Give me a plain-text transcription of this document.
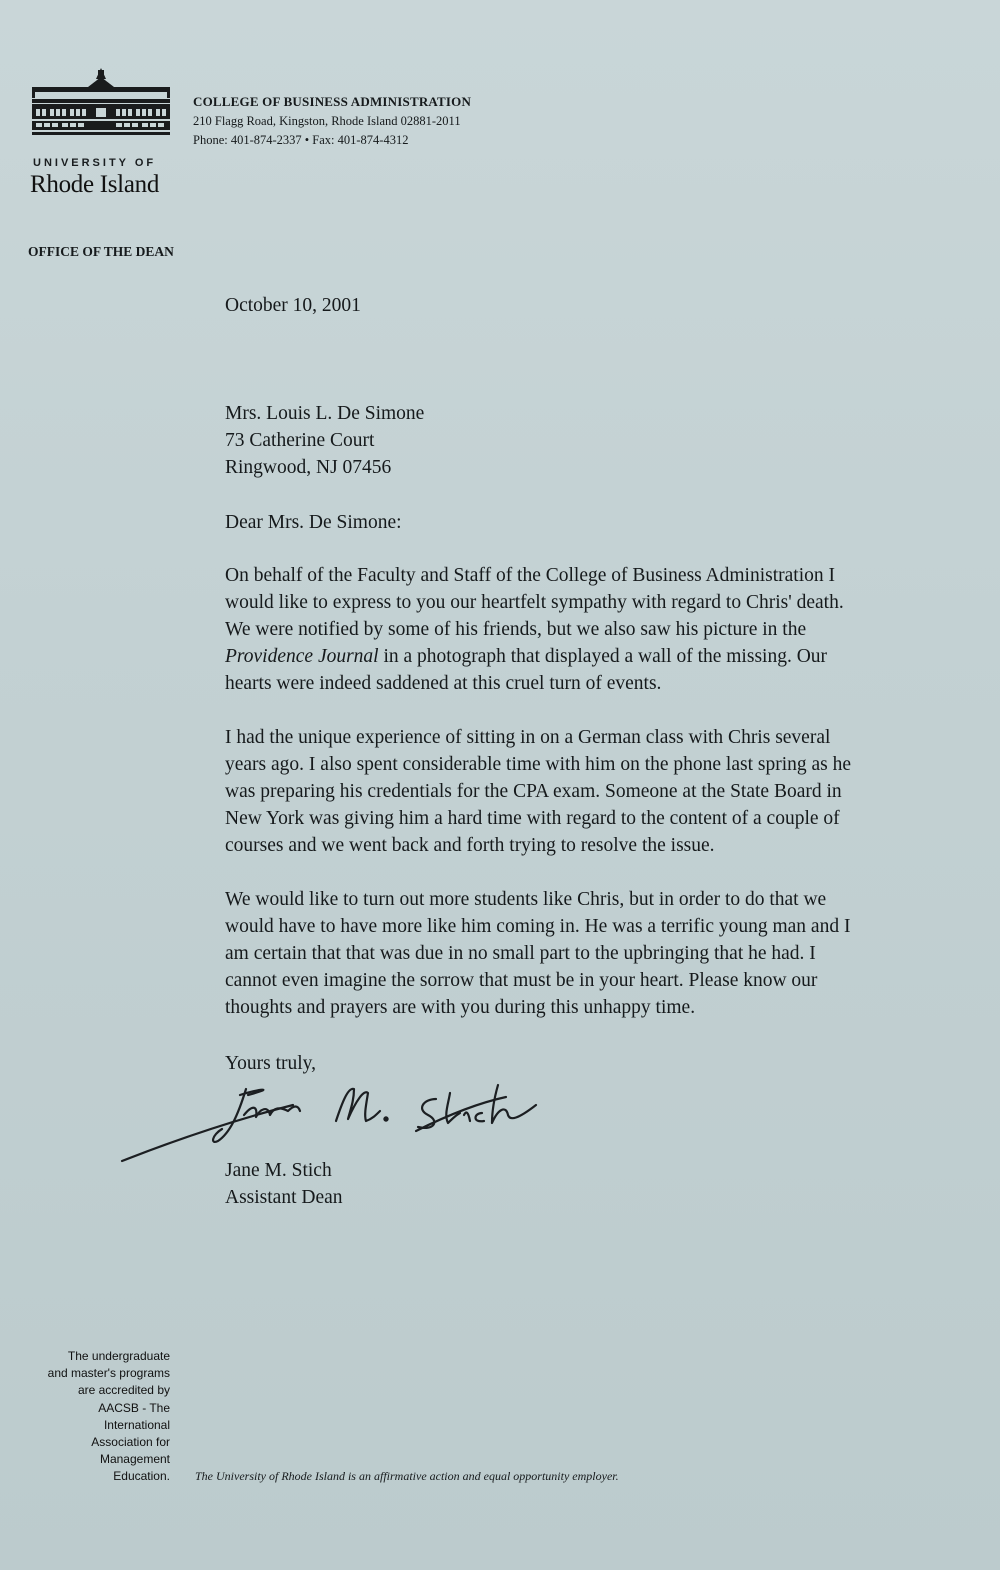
UNIVERSITY OF
Rhode Island
COLLEGE OF BUSINESS ADMINISTRATION
210 Flagg Road, Kingston, Rhode Island 02881-2011
Phone: 401-874-2337 • Fax: 401-874-4312
OFFICE OF THE DEAN
October 10, 2001
Mrs. Louis L. De Simone
73 Catherine Court
Ringwood, NJ 07456
Dear Mrs. De Simone:
On behalf of the Faculty and Staff of the College of Business Administration I
would like to express to you our heartfelt sympathy with regard to Chris' death.
We were notified by some of his friends, but we also saw his picture in the
Providence Journal in a photograph that displayed a wall of the missing. Our
hearts were indeed saddened at this cruel turn of events.
I had the unique experience of sitting in on a German class with Chris several
years ago. I also spent considerable time with him on the phone last spring as he
was preparing his credentials for the CPA exam. Someone at the State Board in
New York was giving him a hard time with regard to the content of a couple of
courses and we went back and forth trying to resolve the issue.
We would like to turn out more students like Chris, but in order to do that we
would have to have more like him coming in. He was a terrific young man and I
am certain that that was due in no small part to the upbringing that he had. I
cannot even imagine the sorrow that must be in your heart. Please know our
thoughts and prayers are with you during this unhappy time.
Yours truly,
Jane M. Stich
Assistant Dean
The undergraduate
and master's programs
are accredited by
AACSB - The
International
Association for
Management
Education. The University of Rhode Island is an affirmative action and equal opportunity employer.
